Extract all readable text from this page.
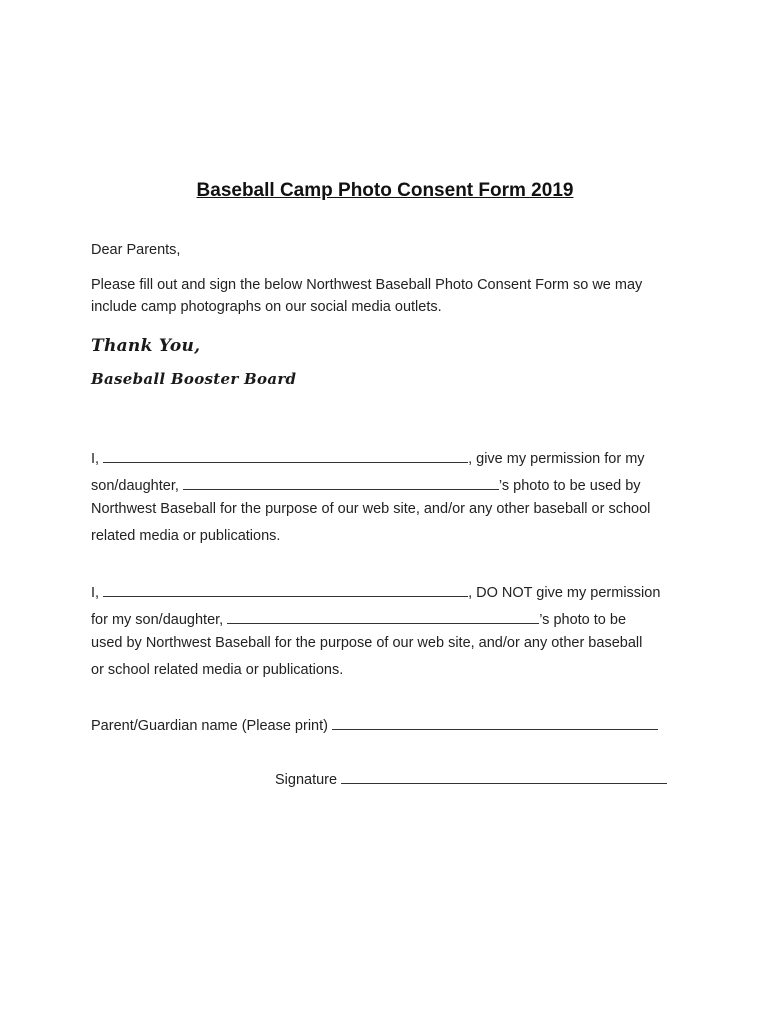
Baseball Camp Photo Consent Form 2019
Dear Parents,
Please fill out and sign the below Northwest Baseball Photo Consent Form so we may
include camp photographs on our social media outlets.
Thank You,
Baseball Booster Board
I,	, give my permission for my
son/daughter,	’s photo to be used by
Northwest Baseball for the purpose of our web site, and/or any other baseball or school
related media or publications.
I,	, DO NOT give my permission
for my son/daughter,	’s photo to be
used by Northwest Baseball for the purpose of our web site, and/or any other baseball
or school related media or publications.
Parent/Guardian name (Please print)
Signature
